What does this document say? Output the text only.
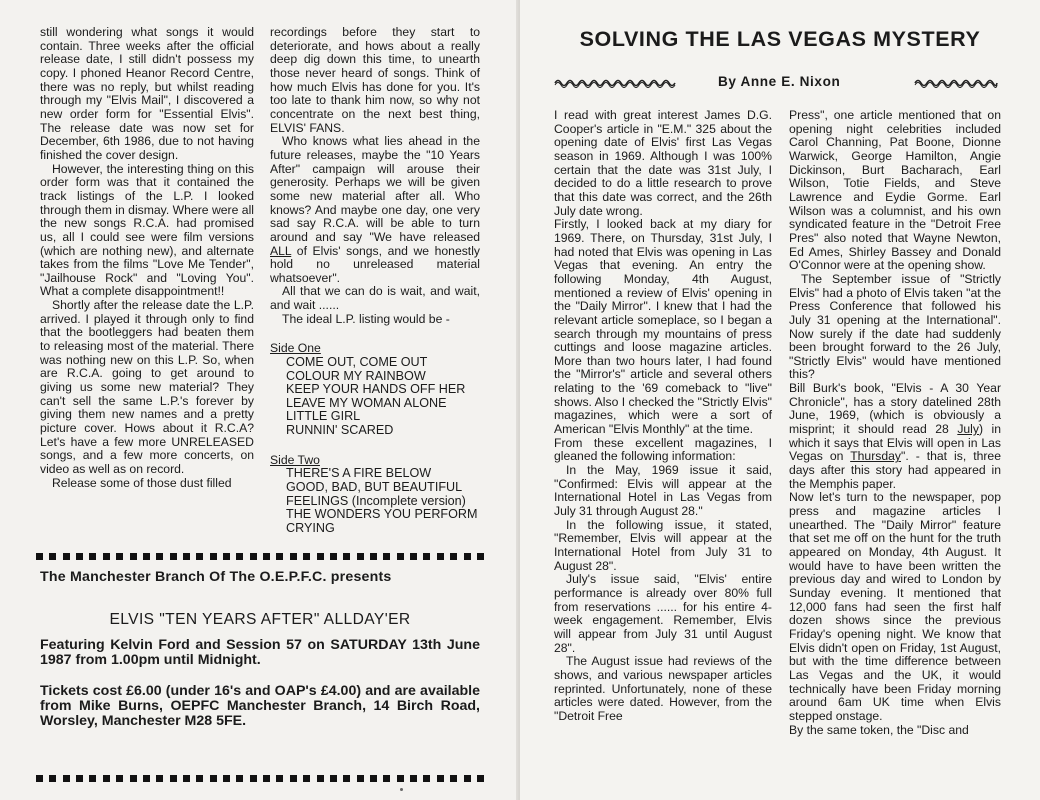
still wondering what songs it would contain. Three weeks after the official release date, I still didn't possess my copy. I phoned Heanor Record Centre, there was no reply, but whilst reading through my "Elvis Mail", I discovered a new order form for "Essential Elvis". The release date was now set for December, 6th 1986, due to not having finished the cover design.

However, the interesting thing on this order form was that it contained the track listings of the L.P. I looked through them in dismay. Where were all the new songs R.C.A. had promised us, all I could see were film versions (which are nothing new), and alternate takes from the films "Love Me Tender", "Jailhouse Rock" and "Loving You". What a complete disappointment!!

Shortly after the release date the L.P. arrived. I played it through only to find that the bootleggers had beaten them to releasing most of the material. There was nothing new on this L.P. So, when are R.C.A. going to get around to giving us some new material? They can't sell the same L.P.'s forever by giving them new names and a pretty picture cover. Hows about it R.C.A? Let's have a few more UNRELEASED songs, and a few more concerts, on video as well as on record.

Release some of those dust filled

recordings before they start to deteriorate, and hows about a really deep dig down this time, to unearth those never heard of songs. Think of how much Elvis has done for you. It's too late to thank him now, so why not concentrate on the next best thing, ELVIS' FANS.

Who knows what lies ahead in the future releases, maybe the "10 Years After" campaign will arouse their generosity. Perhaps we will be given some new material after all. Who knows? And maybe one day, one very sad say R.C.A. will be able to turn around and say "We have released ALL of Elvis' songs, and we honestly hold no unreleased material whatsoever".

All that we can do is wait, and wait, and wait ......

The ideal L.P. listing would be -

Side One

COME OUT, COME OUT
COLOUR MY RAINBOW
KEEP YOUR HANDS OFF HER
LEAVE MY WOMAN ALONE
LITTLE GIRL
RUNNIN' SCARED

Side Two

THERE'S A FIRE BELOW
GOOD, BAD, BUT BEAUTIFUL
FEELINGS (Incomplete version)
THE WONDERS YOU PERFORM
CRYING
The Manchester Branch Of The O.E.P.F.C. presents
ELVIS "TEN YEARS AFTER" ALLDAY'ER

Featuring Kelvin Ford and Session 57 on SATURDAY 13th June 1987 from 1.00pm until Midnight.

Tickets cost £6.00 (under 16's and OAP's £4.00) and are available from Mike Burns, OEPFC Manchester Branch, 14 Birch Road, Worsley, Manchester M28 5FE.

SOLVING THE LAS VEGAS MYSTERY
By Anne E. Nixon

I read with great interest James D.G. Cooper's article in "E.M." 325 about the opening date of Elvis' first Las Vegas season in 1969. Although I was 100% certain that the date was 31st July, I decided to do a little research to prove that this date was correct, and the 26th July date wrong.

Firstly, I looked back at my diary for 1969. There, on Thursday, 31st July, I had noted that Elvis was opening in Las Vegas that evening. An entry the following Monday, 4th August, mentioned a review of Elvis' opening in the "Daily Mirror". I knew that I had the relevant article someplace, so I began a search through my mountains of press cuttings and loose magazine articles. More than two hours later, I had found the "Mirror's" article and several others relating to the '69 comeback to "live" shows. Also I checked the "Strictly Elvis" magazines, which were a sort of American "Elvis Monthly" at the time.

From these excellent magazines, I gleaned the following information:

In the May, 1969 issue it said, "Confirmed: Elvis will appear at the International Hotel in Las Vegas from July 31 through August 28."

In the following issue, it stated, "Remember, Elvis will appear at the International Hotel from July 31 to August 28".

July's issue said, "Elvis' entire performance is already over 80% full from reservations ...... for his entire 4-week engagement. Remember, Elvis will appear from July 31 until August 28".

The August issue had reviews of the shows, and various newspaper articles reprinted. Unfortunately, none of these articles were dated. However, from the "Detroit Free

Press", one article mentioned that on opening night celebrities included Carol Channing, Pat Boone, Dionne Warwick, George Hamilton, Angie Dickinson, Burt Bacharach, Earl Wilson, Totie Fields, and Steve Lawrence and Eydie Gorme. Earl Wilson was a columnist, and his own syndicated feature in the "Detroit Free Pres" also noted that Wayne Newton, Ed Ames, Shirley Bassey and Donald O'Connor were at the opening show.

The September issue of "Strictly Elvis" had a photo of Elvis taken "at the Press Conference that followed his July 31 opening at the International". Now surely if the date had suddenly been brought forward to the 26 July, "Strictly Elvis" would have mentioned this?

Bill Burk's book, "Elvis - A 30 Year Chronicle", has a story datelined 28th June, 1969, (which is obviously a misprint; it should read 28 July) in which it says that Elvis will open in Las Vegas on Thursday". - that is, three days after this story had appeared in the Memphis paper.

Now let's turn to the newspaper, pop press and magazine articles I unearthed. The "Daily Mirror" feature that set me off on the hunt for the truth appeared on Monday, 4th August. It would have to have been written the previous day and wired to London by Sunday evening. It mentioned that 12,000 fans had seen the first half dozen shows since the previous Friday's opening night. We know that Elvis didn't open on Friday, 1st August, but with the time difference between Las Vegas and the UK, it would technically have been Friday morning around 6am UK time when Elvis stepped onstage.

By the same token, the "Disc and
